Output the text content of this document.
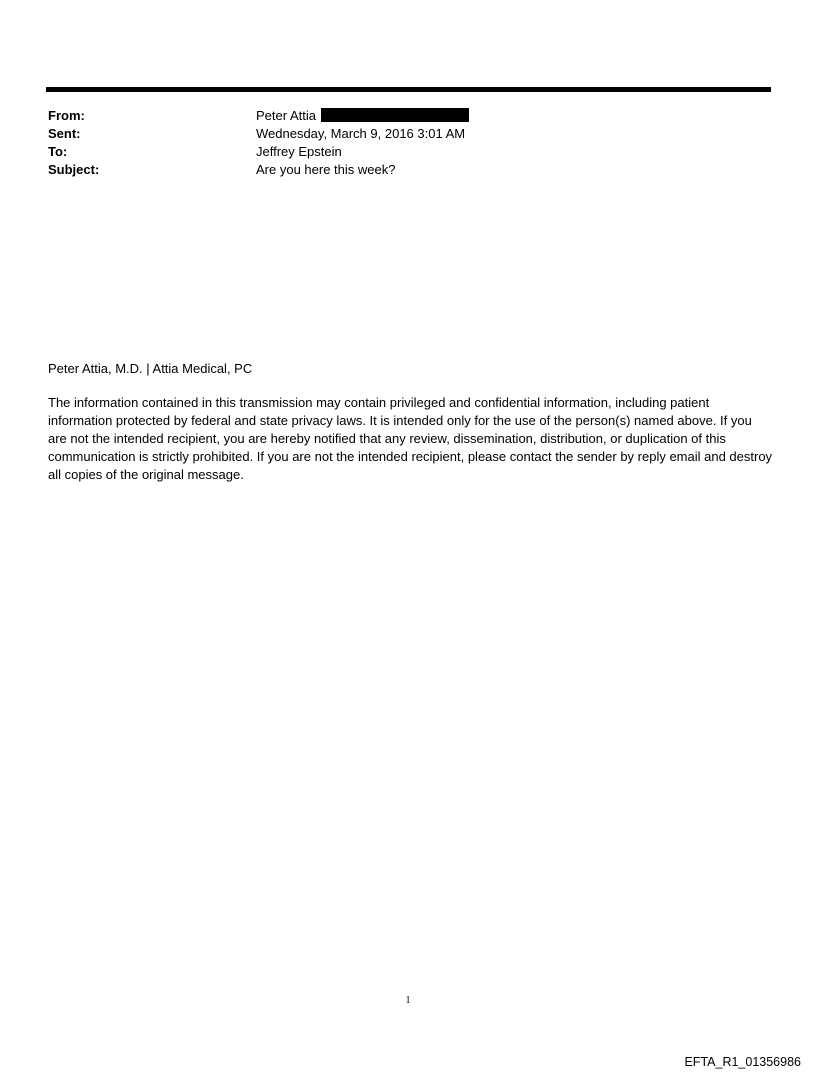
From:	Peter Attia
Sent:	Wednesday, March 9, 2016 3:01 AM
To:	Jeffrey Epstein
Subject:	Are you here this week?
Peter Attia, M.D. | Attia Medical, PC
The information contained in this transmission may contain privileged and confidential information, including patient information protected by federal and state privacy laws. It is intended only for the use of the person(s) named above. If you are not the intended recipient, you are hereby notified that any review, dissemination, distribution, or duplication of this communication is strictly prohibited. If you are not the intended recipient, please contact the sender by reply email and destroy all copies of the original message.
1
EFTA_R1_01356986
